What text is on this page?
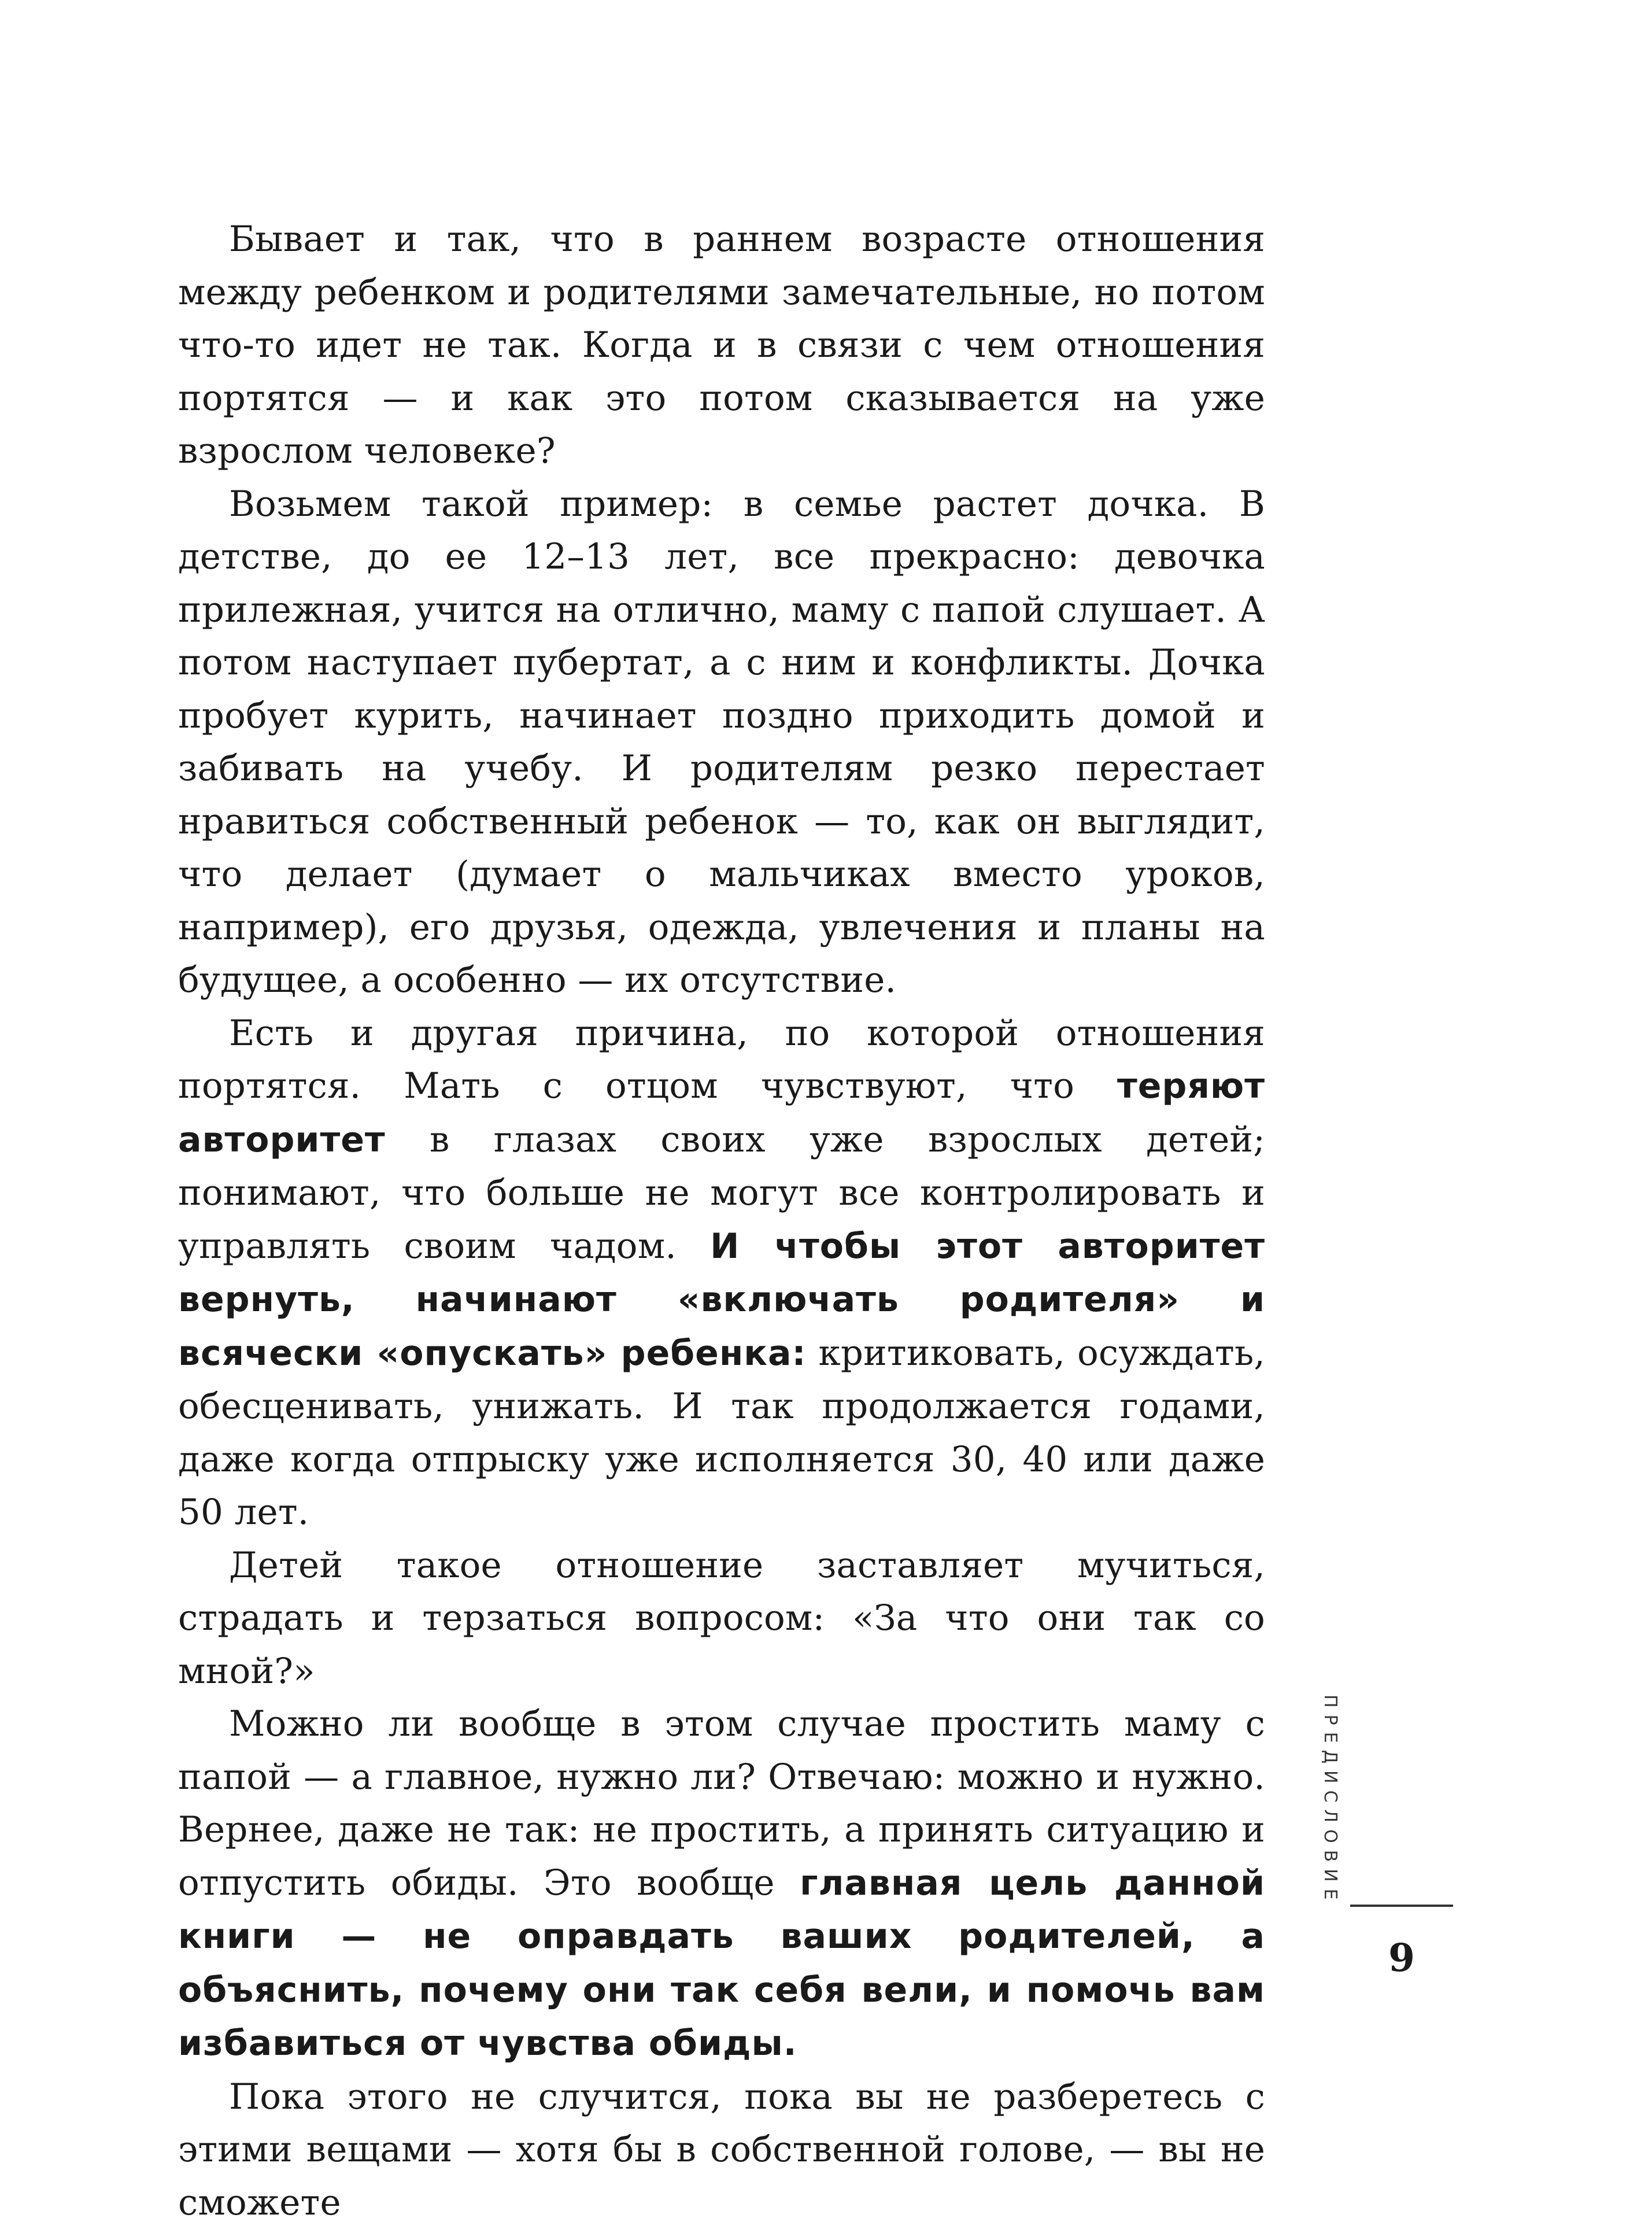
Бывает и так, что в раннем возрасте отношения между ребенком и родителями замечательные, но потом что-то идет не так. Когда и в связи с чем отношения портятся — и как это потом сказывается на уже взрослом человеке?

Возьмем такой пример: в семье растет дочка. В детстве, до ее 12–13 лет, все прекрасно: девочка прилежная, учится на отлично, маму с папой слушает. А потом наступает пубертат, а с ним и конфликты. Дочка пробует курить, начинает поздно приходить домой и забивать на учебу. И родителям резко перестает нравиться собственный ребенок — то, как он выглядит, что делает (думает о мальчиках вместо уроков, например), его друзья, одежда, увлечения и планы на будущее, а особенно — их отсутствие.

Есть и другая причина, по которой отношения портятся. Мать с отцом чувствуют, что теряют авторитет в глазах своих уже взрослых детей; понимают, что больше не могут все контролировать и управлять своим чадом. И чтобы этот авторитет вернуть, начинают «включать родителя» и всячески «опускать» ребенка: критиковать, осуждать, обесценивать, унижать. И так продолжается годами, даже когда отпрыску уже исполняется 30, 40 или даже 50 лет.

Детей такое отношение заставляет мучиться, страдать и терзаться вопросом: «За что они так со мной?»

Можно ли вообще в этом случае простить маму с папой — а главное, нужно ли? Отвечаю: можно и нужно. Вернее, даже не так: не простить, а принять ситуацию и отпустить обиды. Это вообще главная цель данной книги — не оправдать ваших родителей, а объяснить, почему они так себя вели, и помочь вам избавиться от чувства обиды.

Пока этого не случится, пока вы не разберетесь с этими вещами — хотя бы в собственной голове, — вы не сможете

ПРЕДИСЛОВИЕ
9
